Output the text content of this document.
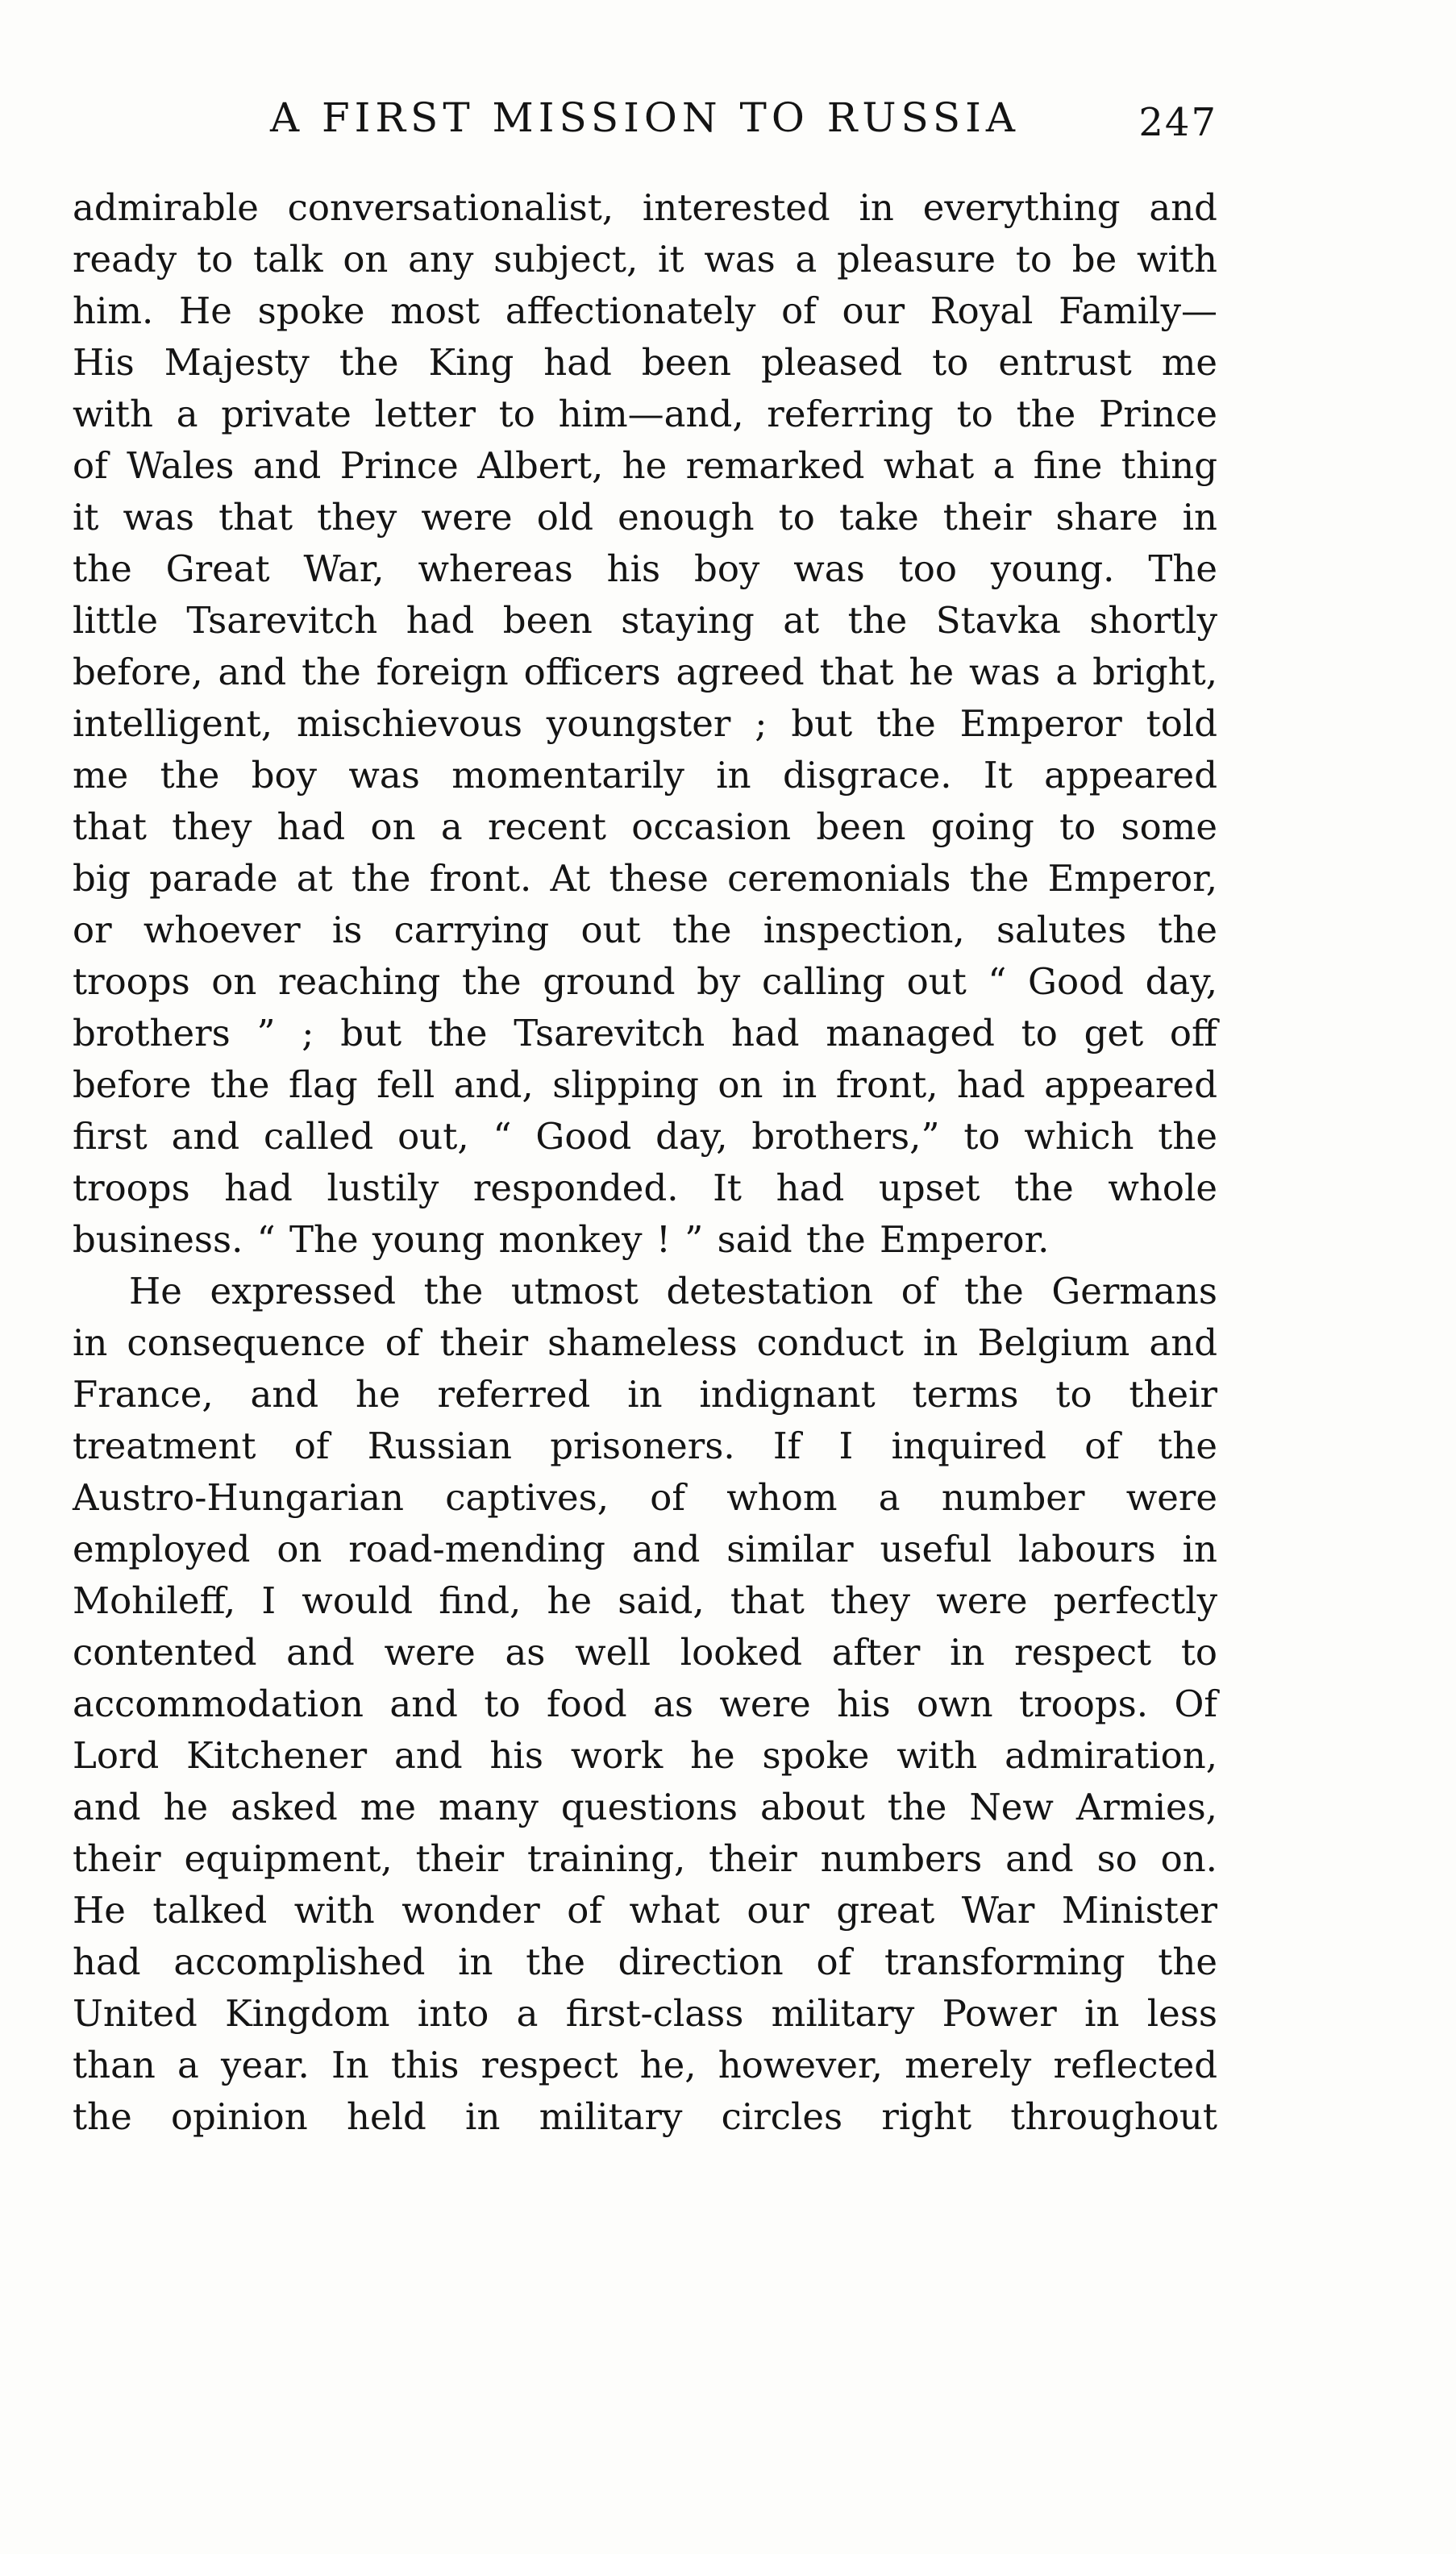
A FIRST MISSION TO RUSSIA	247
admirable conversationalist, interested in everything and
ready to talk on any subject, it was a pleasure to be with
him. He spoke most affectionately of our Royal Family—
His Majesty the King had been pleased to entrust me
with a private letter to him—and, referring to the Prince
of Wales and Prince Albert, he remarked what a fine thing
it was that they were old enough to take their share in
the Great War, whereas his boy was too young. The
little Tsarevitch had been staying at the Stavka shortly
before, and the foreign officers agreed that he was a bright,
intelligent, mischievous youngster ; but the Emperor told
me the boy was momentarily in disgrace. It appeared
that they had on a recent occasion been going to some
big parade at the front. At these ceremonials the Emperor,
or whoever is carrying out the inspection, salutes the
troops on reaching the ground by calling out “ Good day,
brothers ” ; but the Tsarevitch had managed to get off
before the flag fell and, slipping on in front, had appeared
first and called out, “ Good day, brothers,” to which the
troops had lustily responded. It had upset the whole
business. “ The young monkey ! ” said the Emperor.
He expressed the utmost detestation of the Germans
in consequence of their shameless conduct in Belgium and
France, and he referred in indignant terms to their
treatment of Russian prisoners. If I inquired of the
Austro-Hungarian captives, of whom a number were
employed on road-mending and similar useful labours in
Mohileff, I would find, he said, that they were perfectly
contented and were as well looked after in respect to
accommodation and to food as were his own troops. Of
Lord Kitchener and his work he spoke with admiration,
and he asked me many questions about the New Armies,
their equipment, their training, their numbers and so on.
He talked with wonder of what our great War Minister
had accomplished in the direction of transforming the
United Kingdom into a first-class military Power in less
than a year. In this respect he, however, merely reflected
the opinion held in military circles right throughout
